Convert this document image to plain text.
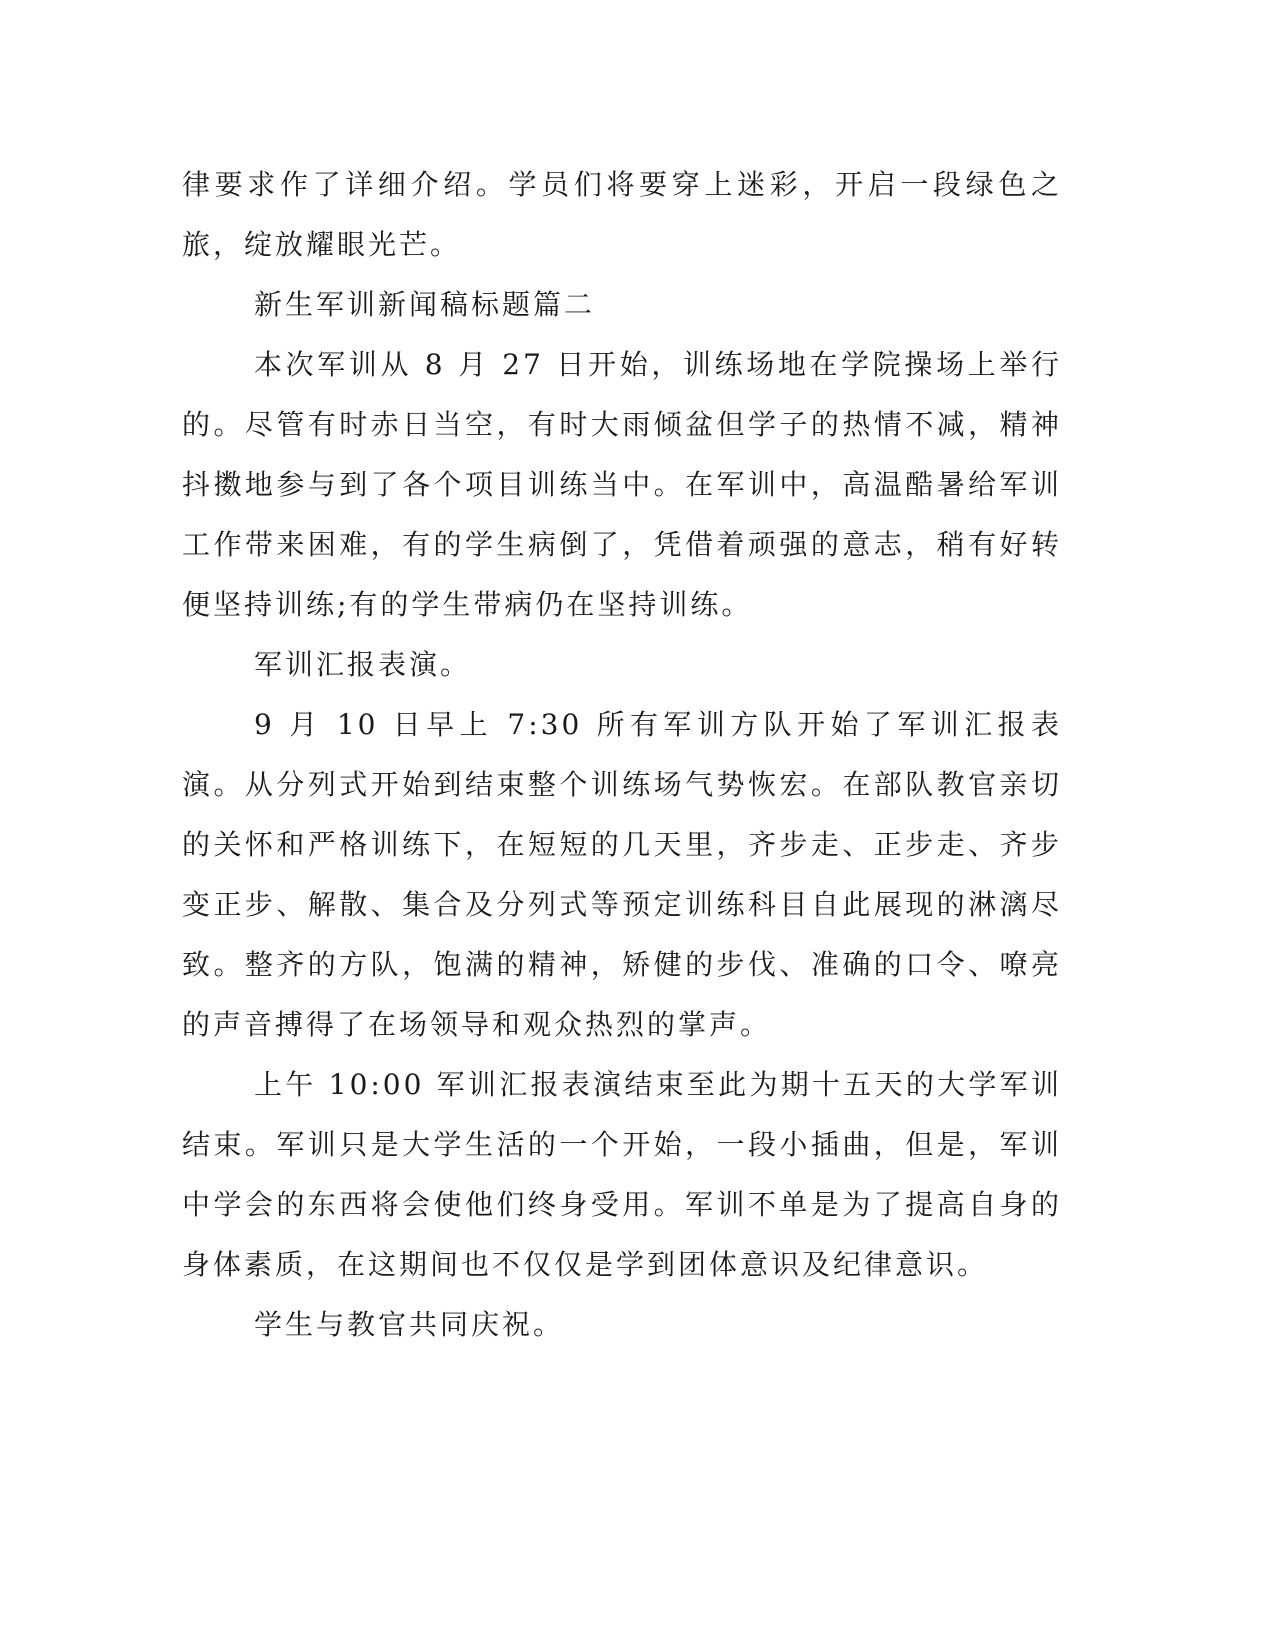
律要求作了详细介绍。学员们将要穿上迷彩，开启一段绿色之旅，绽放耀眼光芒。

新生军训新闻稿标题篇二

本次军训从 8 月 27 日开始，训练场地在学院操场上举行的。尽管有时赤日当空，有时大雨倾盆但学子的热情不减，精神抖擞地参与到了各个项目训练当中。在军训中，高温酷暑给军训工作带来困难，有的学生病倒了，凭借着顽强的意志，稍有好转便坚持训练;有的学生带病仍在坚持训练。

军训汇报表演。

9 月 10 日早上 7:30 所有军训方队开始了军训汇报表演。从分列式开始到结束整个训练场气势恢宏。在部队教官亲切的关怀和严格训练下，在短短的几天里，齐步走、正步走、齐步变正步、解散、集合及分列式等预定训练科目自此展现的淋漓尽致。整齐的方队，饱满的精神，矫健的步伐、准确的口令、嘹亮的声音搏得了在场领导和观众热烈的掌声。

上午 10:00 军训汇报表演结束至此为期十五天的大学军训结束。军训只是大学生活的一个开始，一段小插曲，但是，军训中学会的东西将会使他们终身受用。军训不单是为了提高自身的身体素质，在这期间也不仅仅是学到团体意识及纪律意识。

学生与教官共同庆祝。
